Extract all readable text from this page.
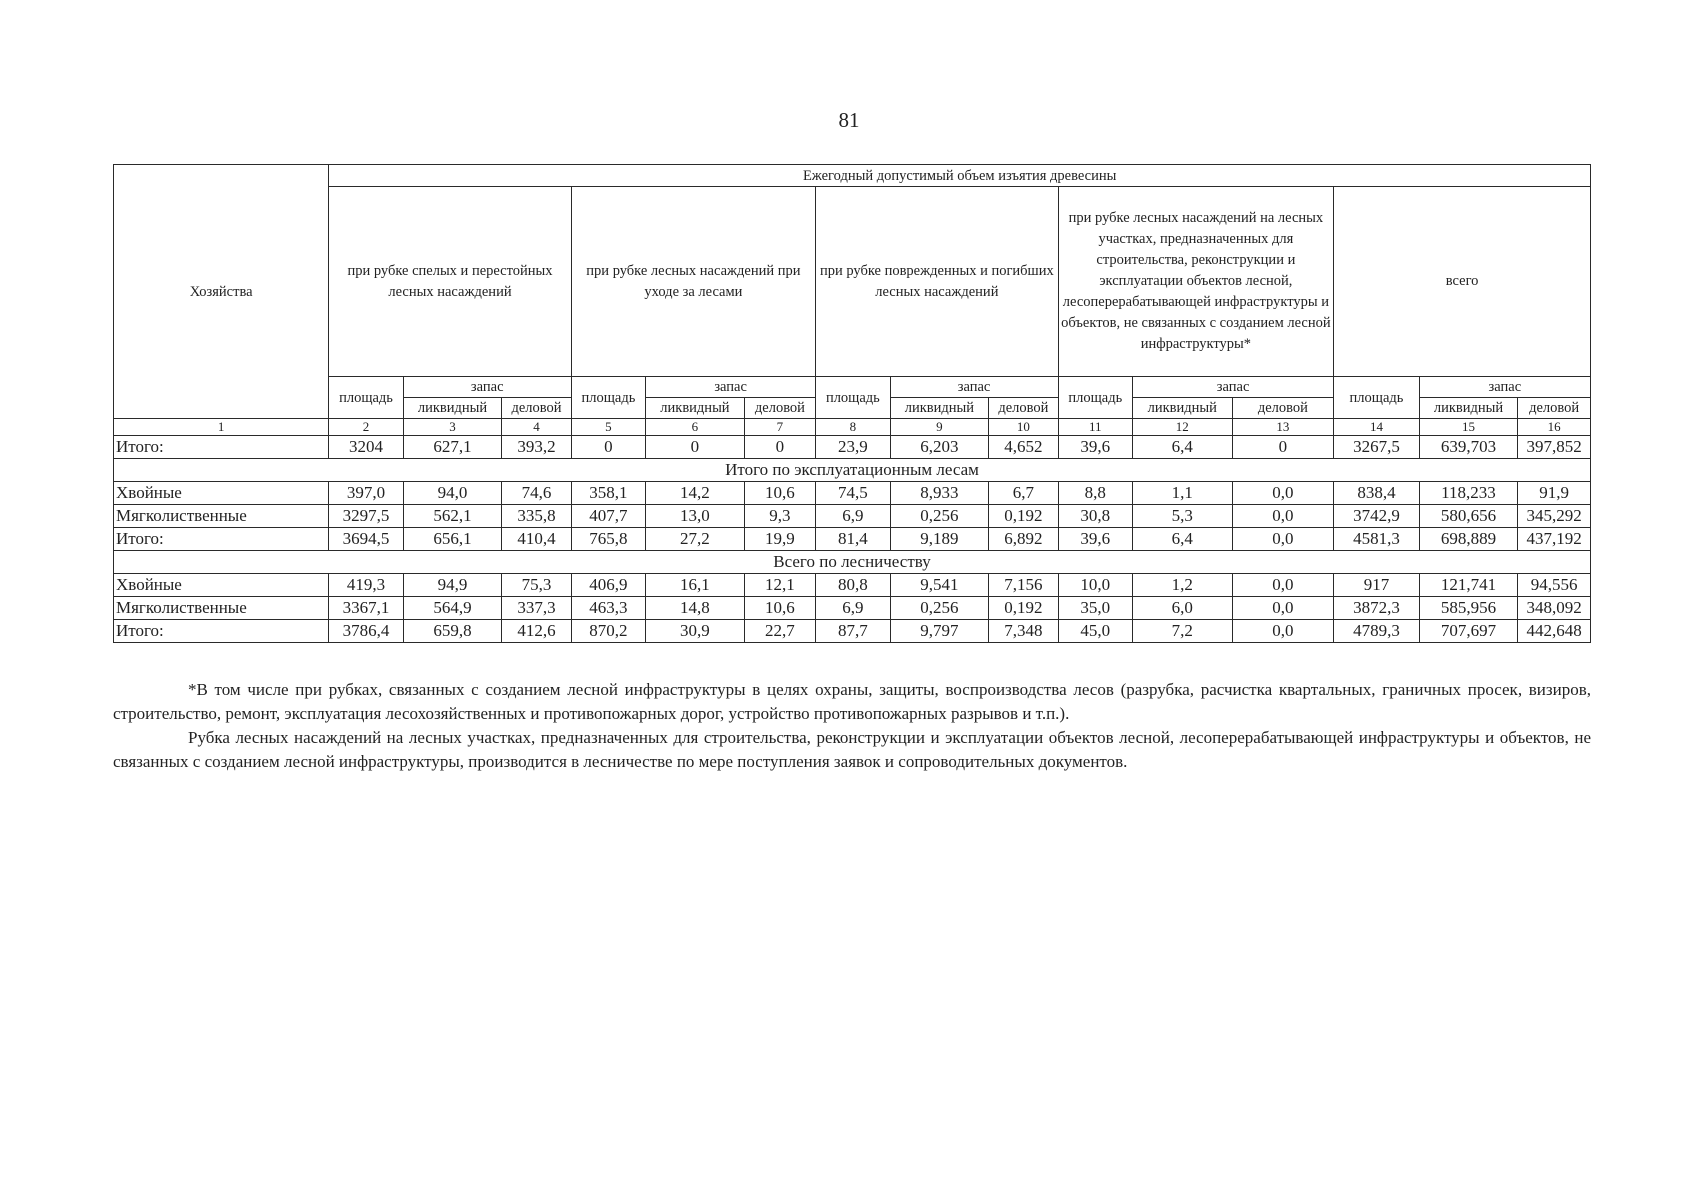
81
Хозяйства	Ежегодный допустимый объем изъятия древесины														
	при рубке спелых и перестойных лесных насаждений			при рубке лесных насаждений при уходе за лесами			при рубке поврежденных и погибших лесных насаждений			при рубке лесных насаждений на лесных участках, предназначенных для строительства, реконструкции и эксплуатации объектов лесной, лесоперерабатывающей инфраструктуры и объектов, не связанных с созданием лесной инфраструктуры*			всего		
	площадь	запас		площадь	запас		площадь	запас		площадь	запас		площадь	запас	
		ликвидный	деловой		ликвидный	деловой		ликвидный	деловой		ликвидный	деловой		ликвидный	деловой
1	2	3	4	5	6	7	8	9	10	11	12	13	14	15	16
Итого:	3204	627,1	393,2	0	0	0	23,9	6,203	4,652	39,6	6,4	0	3267,5	639,703	397,852
Итого по эксплуатационным лесам															
Хвойные	397,0	94,0	74,6	358,1	14,2	10,6	74,5	8,933	6,7	8,8	1,1	0,0	838,4	118,233	91,9
Мягколиственные	3297,5	562,1	335,8	407,7	13,0	9,3	6,9	0,256	0,192	30,8	5,3	0,0	3742,9	580,656	345,292
Итого:	3694,5	656,1	410,4	765,8	27,2	19,9	81,4	9,189	6,892	39,6	6,4	0,0	4581,3	698,889	437,192
Всего по лесничеству															
Хвойные	419,3	94,9	75,3	406,9	16,1	12,1	80,8	9,541	7,156	10,0	1,2	0,0	917	121,741	94,556
Мягколиственные	3367,1	564,9	337,3	463,3	14,8	10,6	6,9	0,256	0,192	35,0	6,0	0,0	3872,3	585,956	348,092
Итого:	3786,4	659,8	412,6	870,2	30,9	22,7	87,7	9,797	7,348	45,0	7,2	0,0	4789,3	707,697	442,648

*В том числе при рубках, связанных с созданием лесной инфраструктуры в целях охраны, защиты, воспроизводства лесов (разрубка, расчистка квартальных, граничных просек, визиров, строительство, ремонт, эксплуатация лесохозяйственных и противопожарных дорог, устройство противопожарных разрывов и т.п.).

Рубка лесных насаждений на лесных участках, предназначенных для строительства, реконструкции и эксплуатации объектов лесной, лесоперерабатывающей инфраструктуры и объектов, не связанных с созданием лесной инфраструктуры, производится в лесничестве по мере поступления заявок и сопроводительных документов.
